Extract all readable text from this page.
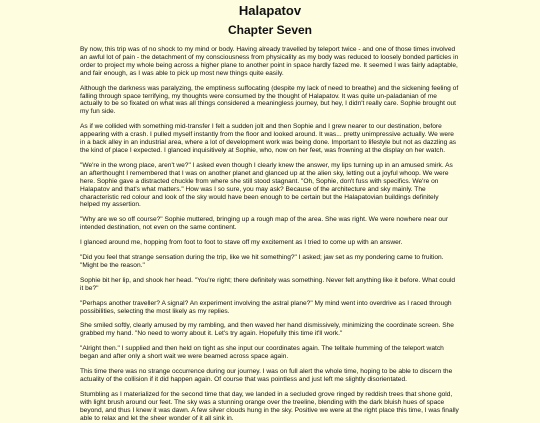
Halapatov
Chapter Seven

By now, this trip was of no shock to my mind or body. Having already travelled by teleport twice - and one of those times involved an awful lot of pain - the detachment of my consciousness from physicality as my body was reduced to loosely bonded particles in order to project my whole being across a higher plane to another point in space hardly fazed me. It seemed I was fairly adaptable, and fair enough, as I was able to pick up most new things quite easily.

Although the darkness was paralyzing, the emptiness suffocating (despite my lack of need to breathe) and the sickening feeling of falling through space terrifying, my thoughts were consumed by the thought of Halapatov. It was quite un-paladanian of me actually to be so fixated on what was all things considered a meaningless journey, but hey, I didn't really care. Sophie brought out my fun side.

As if we collided with something mid-transfer I felt a sudden jolt and then Sophie and I grew nearer to our destination, before appearing with a crash. I pulled myself instantly from the floor and looked around. It was... pretty unimpressive actually. We were in a back alley in an industrial area, where a lot of development work was being done. Important to lifestyle but not as dazzling as the kind of place I expected. I glanced inquisitively at Sophie, who, now on her feet, was frowning at the display on her watch.

"We're in the wrong place, aren't we?" I asked even though I clearly knew the answer, my lips turning up in an amused smirk. As an afterthought I remembered that I was on another planet and glanced up at the alien sky, letting out a joyful whoop. We were here. Sophie gave a distracted chuckle from where she still stood stagnant. "Oh, Sophie, don't fuss with specifics. We're on Halapatov and that's what matters." How was I so sure, you may ask? Because of the architecture and sky mainly. The characteristic red colour and look of the sky would have been enough to be certain but the Halapatovian buildings definitely helped my assertion.

"Why are we so off course?" Sophie muttered, bringing up a rough map of the area. She was right. We were nowhere near our intended destination, not even on the same continent.

I glanced around me, hopping from foot to foot to stave off my excitement as I tried to come up with an answer.

"Did you feel that strange sensation during the trip, like we hit something?" I asked; jaw set as my pondering came to fruition. "Might be the reason."

Sophie bit her lip, and shook her head. "You're right; there definitely was something. Never felt anything like it before. What could it be?"

"Perhaps another traveller? A signal? An experiment involving the astral plane?" My mind went into overdrive as I raced through possibilities, selecting the most likely as my replies.

She smiled softly, clearly amused by my rambling, and then waved her hand dismissively, minimizing the coordinate screen. She grabbed my hand. "No need to worry about it. Let's try again. Hopefully this time it'll work."

"Alright then." I supplied and then held on tight as she input our coordinates again. The telltale humming of the teleport watch began and after only a short wait we were beamed across space again.

This time there was no strange occurrence during our journey. I was on full alert the whole time, hoping to be able to discern the actuality of the collision if it did happen again. Of course that was pointless and just left me slightly disorientated.

Stumbling as I materialized for the second time that day, we landed in a secluded grove ringed by reddish trees that shone gold, with light brush around our feet. The sky was a stunning orange over the treeline, blending with the dark bluish hues of space beyond, and thus I knew it was dawn. A few silver clouds hung in the sky. Positive we were at the right place this time, I was finally able to relax and let the sheer wonder of it all sink in.
